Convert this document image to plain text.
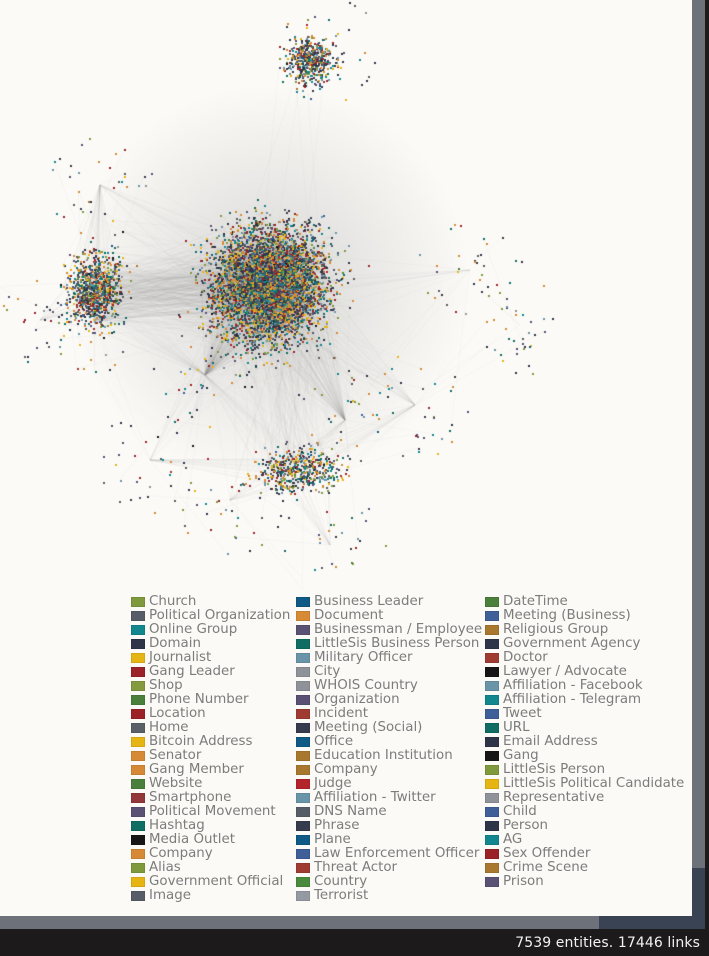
Church
Political Organization
Online Group
Domain
Journalist
Gang Leader
Shop
Phone Number
Location
Home
Bitcoin Address
Senator
Gang Member
Website
Smartphone
Political Movement
Hashtag
Media Outlet
Company
Alias
Government Official
Image
Business Leader
Document
Businessman / Employee
LittleSis Business Person
Military Officer
City
WHOIS Country
Organization
Incident
Meeting (Social)
Office
Education Institution
Company
Judge
Affiliation - Twitter
DNS Name
Phrase
Plane
Law Enforcement Officer
Threat Actor
Country
Terrorist
DateTime
Meeting (Business)
Religious Group
Government Agency
Doctor
Lawyer / Advocate
Affiliation - Facebook
Affiliation - Telegram
Tweet
URL
Email Address
Gang
LittleSis Person
LittleSis Political Candidate
Representative
Child
Person
AG
Sex Offender
Crime Scene
Prison
7539 entities. 17446 links
